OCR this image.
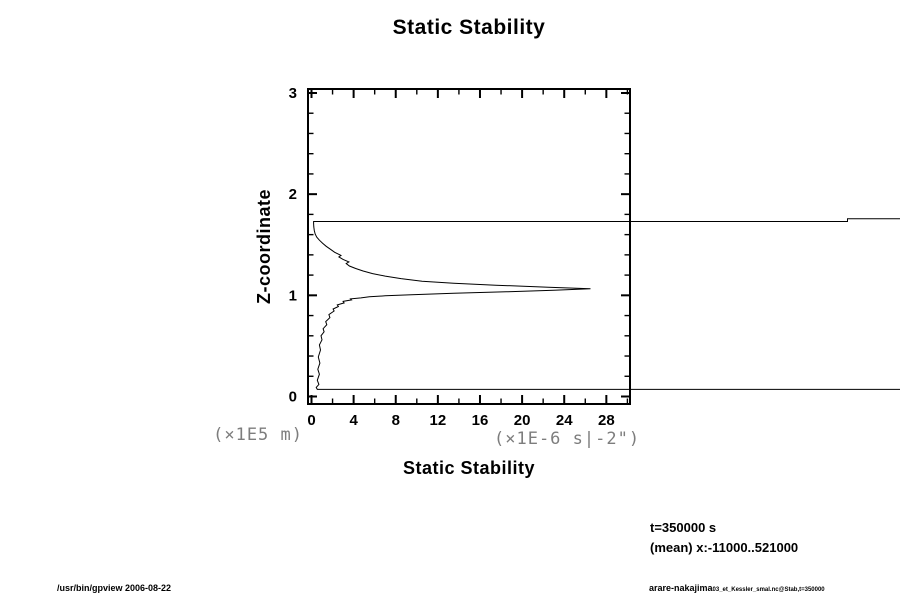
Static Stability
Z-coordinate
0 4 8 12 16 20 24 28
0
1
2
3
(×1E5 m)	(×1E-6 s|-2")
Static Stability
t=350000 s
(mean) x:-11000..521000
/usr/bin/gpview 2006-08-22	arare-nakajima03_et_Kessler_smal.nc@Stab,t=350000
